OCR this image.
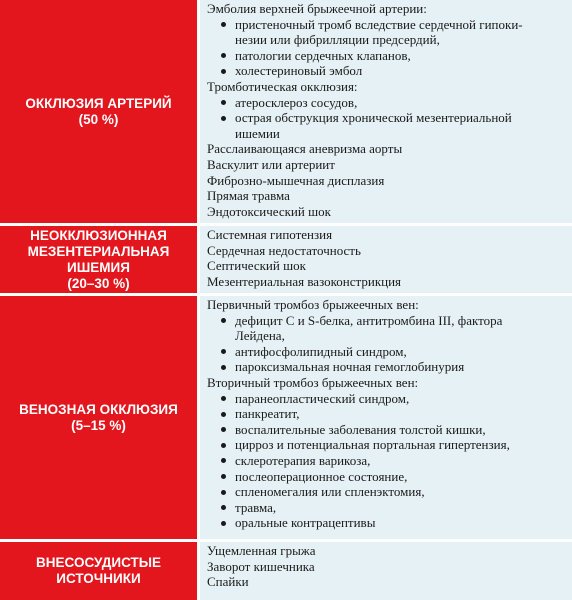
ОККЛЮЗИЯ АРТЕРИЙ
(50 %)
Эмболия верхней брыжеечной артерии:
пристеночный тромб вследствие сердечной гипоки-
незии или фибрилляции предсердий,
патологии сердечных клапанов,
холестериновый эмбол
Тромботическая окклюзия:
атеросклероз сосудов,
острая обструкция хронической мезентериальной
ишемии
Расслаивающаяся аневризма аорты
Васкулит или артериит
Фиброзно-мышечная дисплазия
Прямая травма
Эндотоксический шок
НЕОККЛЮЗИОННАЯ
МЕЗЕНТЕРИАЛЬНАЯ
ИШЕМИЯ
(20–30 %)
Системная гипотензия
Сердечная недостаточность
Септический шок
Мезентериальная вазоконстрикция
ВЕНОЗНАЯ ОККЛЮЗИЯ
(5–15 %)
Первичный тромбоз брыжеечных вен:
дефицит С и S-белка, антитромбина III, фактора
Лейдена,
антифосфолипидный синдром,
пароксизмальная ночная гемоглобинурия
Вторичный тромбоз брыжеечных вен:
паранеопластический синдром,
панкреатит,
воспалительные заболевания толстой кишки,
цирроз и потенциальная портальная гипертензия,
склеротерапия варикоза,
послеоперационное состояние,
спленомегалия или спленэктомия,
травма,
оральные контрацептивы
ВНЕСОСУДИСТЫЕ
ИСТОЧНИКИ
Ущемленная грыжа
Заворот кишечника
Спайки
